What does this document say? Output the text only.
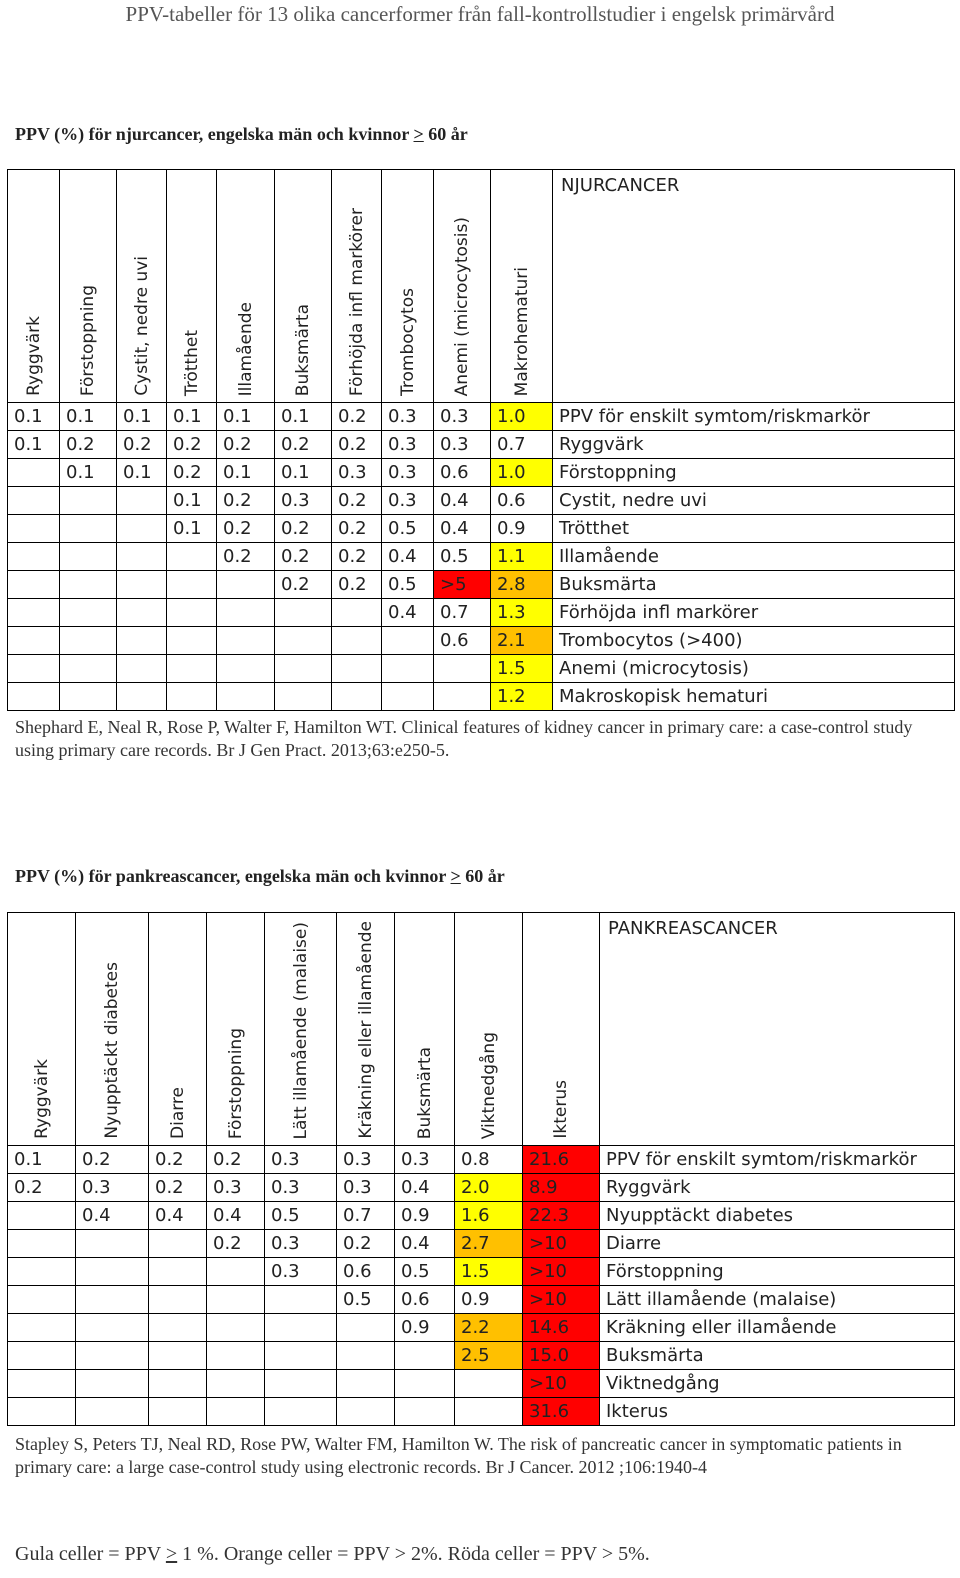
PPV-tabeller för 13 olika cancerformer från fall-kontrollstudier i engelsk primärvård
PPV (%) för njurcancer, engelska män och kvinnor > 60 år
Ryggvärk	Förstoppning	Cystit, nedre uvi	Trötthet	Illamående	Buksmärta	Förhöjda infl markörer	Trombocytos	Anemi (microcytosis)	Makrohematuri	NJURCANCER
0.1	0.1	0.1	0.1	0.1	0.1	0.2	0.3	0.3	1.0	PPV för enskilt symtom/riskmarkör
0.1	0.2	0.2	0.2	0.2	0.2	0.2	0.3	0.3	0.7	Ryggvärk
	0.1	0.1	0.2	0.1	0.1	0.3	0.3	0.6	1.0	Förstoppning
			0.1	0.2	0.3	0.2	0.3	0.4	0.6	Cystit, nedre uvi
			0.1	0.2	0.2	0.2	0.5	0.4	0.9	Trötthet
				0.2	0.2	0.2	0.4	0.5	1.1	Illamående
					0.2	0.2	0.5	>5	2.8	Buksmärta
							0.4	0.7	1.3	Förhöjda infl markörer
								0.6	2.1	Trombocytos (>400)
									1.5	Anemi (microcytosis)
									1.2	Makroskopisk hematuri
Shephard E, Neal R, Rose P, Walter F, Hamilton WT. Clinical features of kidney cancer in primary care: a case-control study using primary care records. Br J Gen Pract. 2013;63:e250-5.
PPV (%) för pankreascancer, engelska män och kvinnor > 60 år
Ryggvärk	Nyupptäckt diabetes	Diarre	Förstoppning	Lätt illamående (malaise)	Kräkning eller illamående	Buksmärta	Viktnedgång	Ikterus	PANKREASCANCER
0.1	0.2	0.2	0.2	0.3	0.3	0.3	0.8	21.6	PPV för enskilt symtom/riskmarkör
0.2	0.3	0.2	0.3	0.3	0.3	0.4	2.0	8.9	Ryggvärk
	0.4	0.4	0.4	0.5	0.7	0.9	1.6	22.3	Nyupptäckt diabetes
			0.2	0.3	0.2	0.4	2.7	>10	Diarre
				0.3	0.6	0.5	1.5	>10	Förstoppning
					0.5	0.6	0.9	>10	Lätt illamående (malaise)
						0.9	2.2	14.6	Kräkning eller illamående
							2.5	15.0	Buksmärta
								>10	Viktnedgång
								31.6	Ikterus
Stapley S, Peters TJ, Neal RD, Rose PW, Walter FM, Hamilton W. The risk of pancreatic cancer in symptomatic patients in primary care: a large case-control study using electronic records. Br J Cancer. 2012 ;106:1940-4
Gula celler = PPV > 1 %. Orange celler = PPV > 2%. Röda celler = PPV > 5%.
